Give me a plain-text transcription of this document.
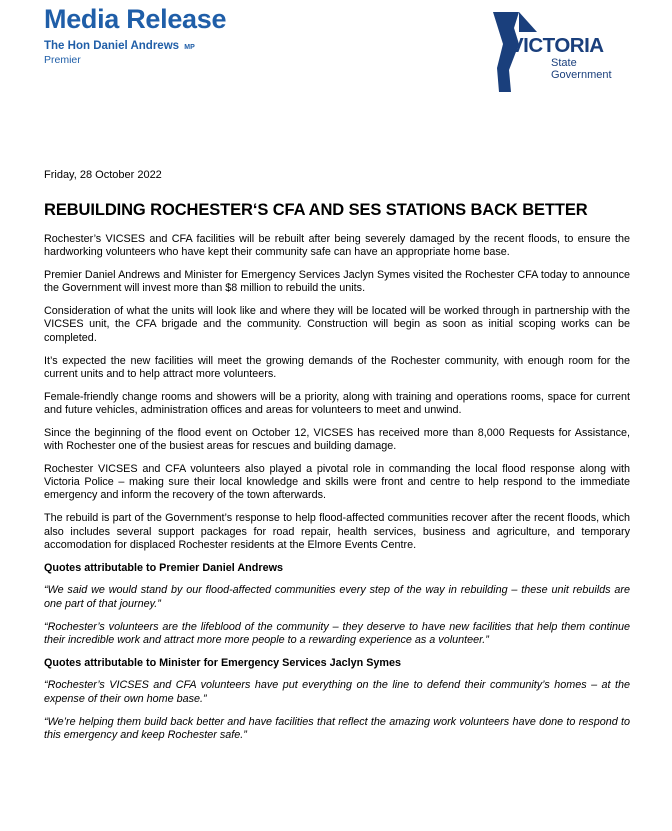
Media Release
The Hon Daniel Andrews MP
Premier
VICTORIA
State
Government

Friday, 28 October 2022

REBUILDING ROCHESTER‘S CFA AND SES STATIONS BACK BETTER

Rochester’s VICSES and CFA facilities will be rebuilt after being severely damaged by the recent floods, to ensure the hardworking volunteers who have kept their community safe can have an appropriate home base.

Premier Daniel Andrews and Minister for Emergency Services Jaclyn Symes visited the Rochester CFA today to announce the Government will invest more than $8 million to rebuild the units.

Consideration of what the units will look like and where they will be located will be worked through in partnership with the VICSES unit, the CFA brigade and the community. Construction will begin as soon as initial scoping works can be completed.

It’s expected the new facilities will meet the growing demands of the Rochester community, with enough room for the current units and to help attract more volunteers.

Female-friendly change rooms and showers will be a priority, along with training and operations rooms, space for current and future vehicles, administration offices and areas for volunteers to meet and unwind.

Since the beginning of the flood event on October 12, VICSES has received more than 8,000 Requests for Assistance, with Rochester one of the busiest areas for rescues and building damage.

Rochester VICSES and CFA volunteers also played a pivotal role in commanding the local flood response along with Victoria Police – making sure their local knowledge and skills were front and centre to help respond to the immediate emergency and inform the recovery of the town afterwards.

The rebuild is part of the Government’s response to help flood-affected communities recover after the recent floods, which also includes several support packages for road repair, health services, business and agriculture, and temporary accomodation for displaced Rochester residents at the Elmore Events Centre.

Quotes attributable to Premier Daniel Andrews

“We said we would stand by our flood-affected communities every step of the way in rebuilding – these unit rebuilds are one part of that journey.”

“Rochester’s volunteers are the lifeblood of the community – they deserve to have new facilities that help them continue their incredible work and attract more more people to a rewarding experience as a volunteer.”

Quotes attributable to Minister for Emergency Services Jaclyn Symes

“Rochester’s VICSES and CFA volunteers have put everything on the line to defend their community’s homes – at the expense of their own home base.”

“We’re helping them build back better and have facilities that reflect the amazing work volunteers have done to respond to this emergency and keep Rochester safe.”
